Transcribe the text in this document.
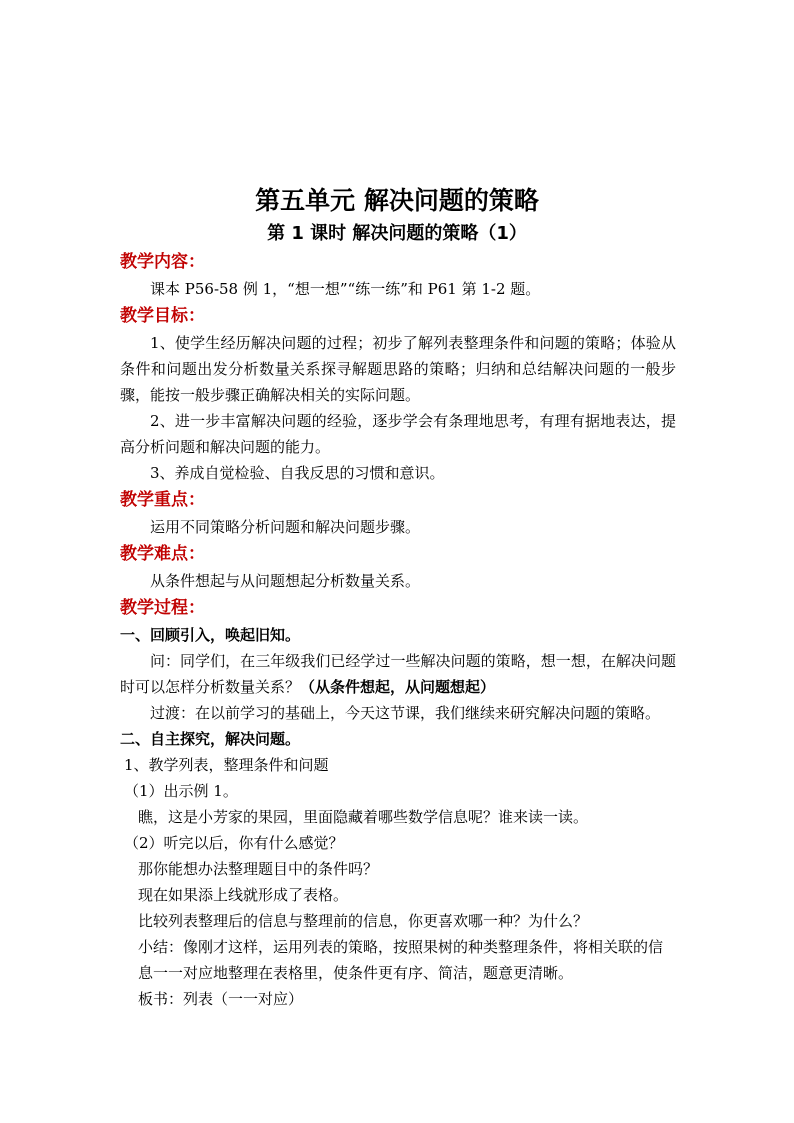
第五单元 解决问题的策略
第 1 课时 解决问题的策略（1）
教学内容：

课本 P56-58 例 1，“想一想”“练一练”和 P61 第 1-2 题。

教学目标：

1、使学生经历解决问题的过程；初步了解列表整理条件和问题的策略；体验从条件和问题出发分析数量关系探寻解题思路的策略；归纳和总结解决问题的一般步骤，能按一般步骤正确解决相关的实际问题。

2、进一步丰富解决问题的经验，逐步学会有条理地思考，有理有据地表达，提高分析问题和解决问题的能力。

3、养成自觉检验、自我反思的习惯和意识。

教学重点：

运用不同策略分析问题和解决问题步骤。

教学难点：

从条件想起与从问题想起分析数量关系。

教学过程：

一、回顾引入，唤起旧知。

问：同学们，在三年级我们已经学过一些解决问题的策略，想一想，在解决问题时可以怎样分析数量关系？（从条件想起，从问题想起）

过渡：在以前学习的基础上，今天这节课，我们继续来研究解决问题的策略。

二、自主探究，解决问题。

1、教学列表，整理条件和问题

（1）出示例 1。

瞧，这是小芳家的果园，里面隐藏着哪些数学信息呢？谁来读一读。

（2）听完以后，你有什么感觉？

那你能想办法整理题目中的条件吗？

现在如果添上线就形成了表格。

比较列表整理后的信息与整理前的信息，你更喜欢哪一种？为什么？

小结：像刚才这样，运用列表的策略，按照果树的种类整理条件，将相关联的信息一一对应地整理在表格里，使条件更有序、简洁，题意更清晰。

板书：列表（一一对应）
